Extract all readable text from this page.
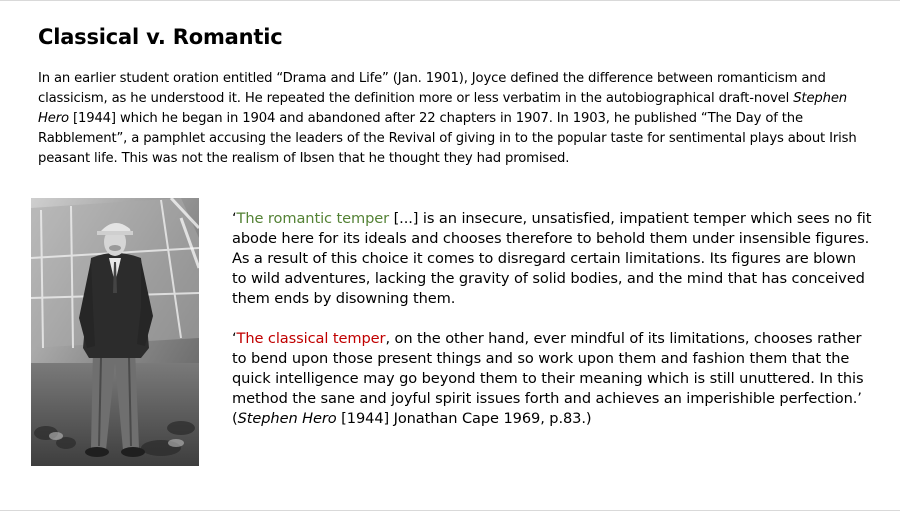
Classical v. Romantic

In an earlier student oration entitled “Drama and Life” (Jan. 1901), Joyce defined the difference between romanticism and classicism, as he understood it. He repeated the definition more or less verbatim in the autobiographical draft-novel Stephen Hero [1944] which he began in 1904 and abandoned after 22 chapters in 1907. In 1903, he published “The Day of the Rabblement”, a pamphlet accusing the leaders of the Revival of giving in to the popular taste for sentimental plays about Irish peasant life. This was not the realism of Ibsen that he thought they had promised.

‘The romantic temper [...] is an insecure, unsatisfied, impatient temper which sees no fit abode here for its ideals and chooses therefore to behold them under insensible figures. As a result of this choice it comes to disregard certain limitations. Its figures are blown to wild adventures, lacking the gravity of solid bodies, and the mind that has conceived them ends by disowning them.

‘The classical temper, on the other hand, ever mindful of its limitations, chooses rather to bend upon those present things and so work upon them and fashion them that the quick intelligence may go beyond them to their meaning which is still unuttered. In this method the sane and joyful spirit issues forth and achieves an imperishible perfection.’ (Stephen Hero [1944] Jonathan Cape 1969, p.83.)
